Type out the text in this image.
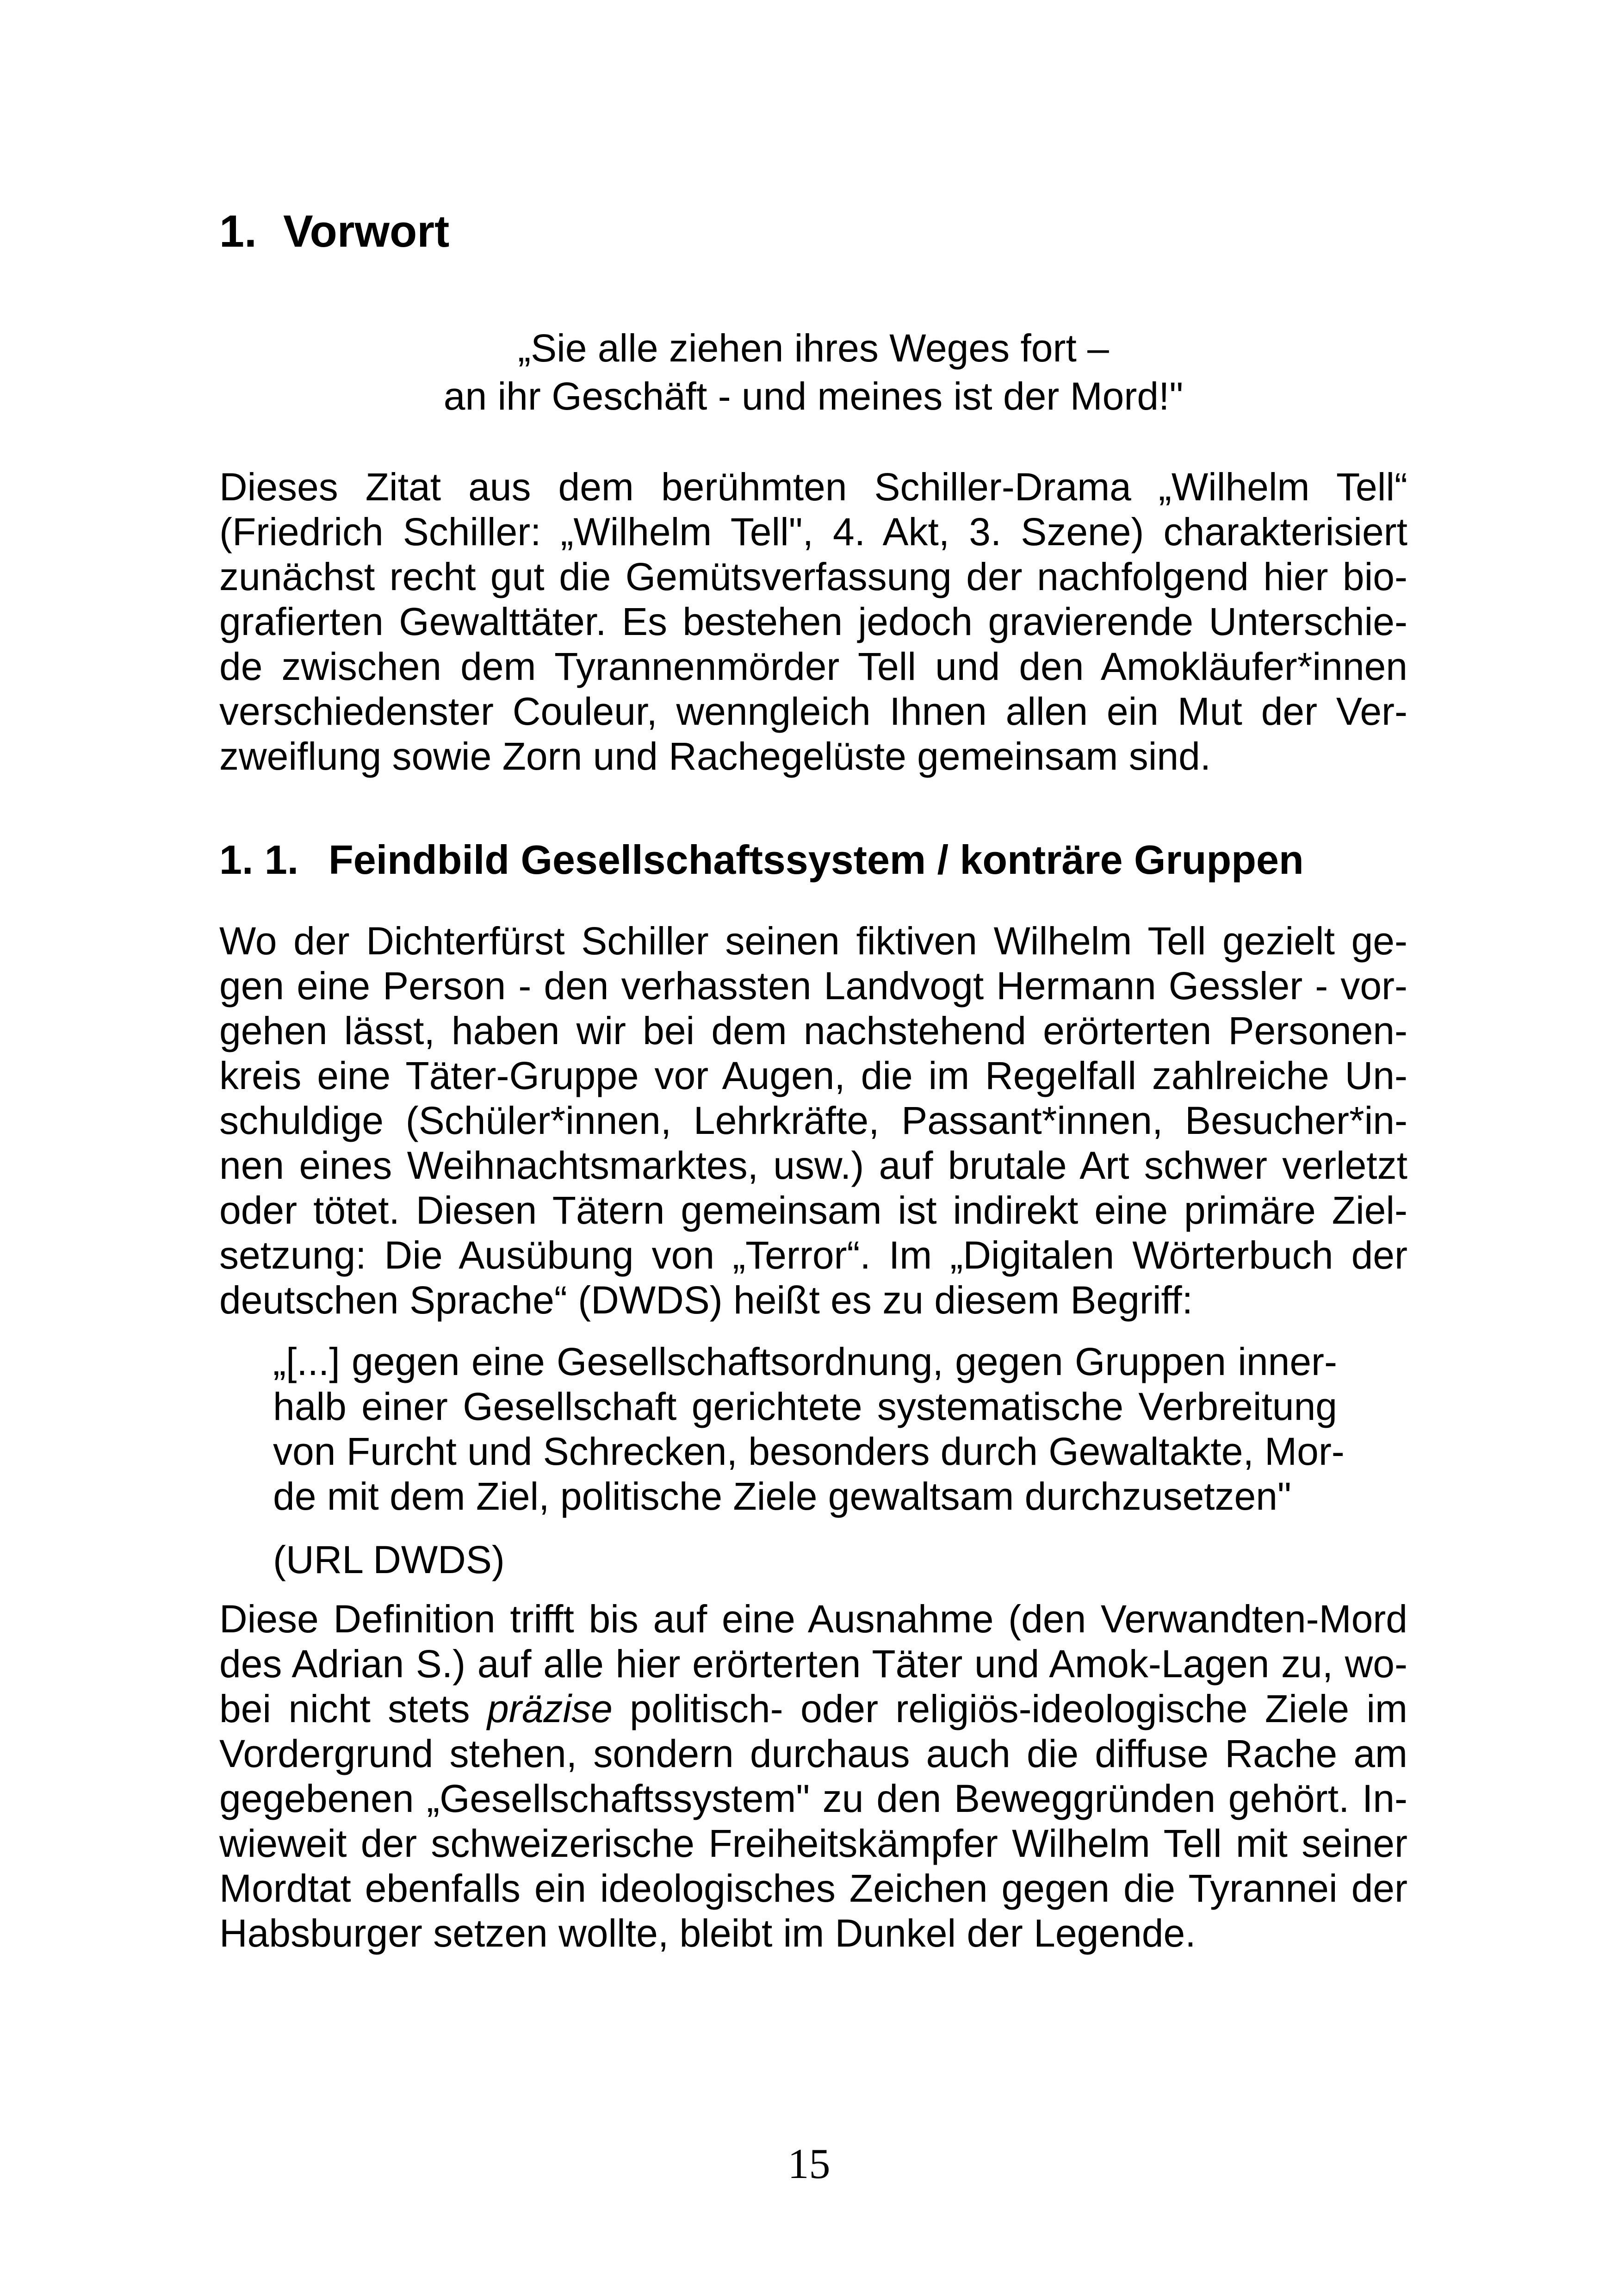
1. Vorwort
„Sie alle ziehen ihres Weges fort –
an ihr Geschäft - und meines ist der Mord!"
Dieses Zitat aus dem berühmten Schiller-Drama „Wilhelm Tell“
(Friedrich Schiller: „Wilhelm Tell", 4. Akt, 3. Szene) charakterisiert
zunächst recht gut die Gemütsverfassung der nachfolgend hier bio-
grafierten Gewalttäter. Es bestehen jedoch gravierende Unterschie-
de zwischen dem Tyrannenmörder Tell und den Amokläufer*innen
verschiedenster Couleur, wenngleich Ihnen allen ein Mut der Ver-
zweiflung sowie Zorn und Rachegelüste gemeinsam sind.
1. 1. Feindbild Gesellschaftssystem / konträre Gruppen
Wo der Dichterfürst Schiller seinen fiktiven Wilhelm Tell gezielt ge-
gen eine Person - den verhassten Landvogt Hermann Gessler - vor-
gehen lässt, haben wir bei dem nachstehend erörterten Personen-
kreis eine Täter-Gruppe vor Augen, die im Regelfall zahlreiche Un-
schuldige (Schüler*innen, Lehrkräfte, Passant*innen, Besucher*in-
nen eines Weihnachtsmarktes, usw.) auf brutale Art schwer verletzt
oder tötet. Diesen Tätern gemeinsam ist indirekt eine primäre Ziel-
setzung: Die Ausübung von „Terror“. Im „Digitalen Wörterbuch der
deutschen Sprache“ (DWDS) heißt es zu diesem Begriff:
„[...] gegen eine Gesellschaftsordnung, gegen Gruppen inner-
halb einer Gesellschaft gerichtete systematische Verbreitung
von Furcht und Schrecken, besonders durch Gewaltakte, Mor-
de mit dem Ziel, politische Ziele gewaltsam durchzusetzen"
(URL DWDS)
Diese Definition trifft bis auf eine Ausnahme (den Verwandten-Mord
des Adrian S.) auf alle hier erörterten Täter und Amok-Lagen zu, wo-
bei nicht stets präzise politisch- oder religiös-ideologische Ziele im
Vordergrund stehen, sondern durchaus auch die diffuse Rache am
gegebenen „Gesellschaftssystem" zu den Beweggründen gehört. In-
wieweit der schweizerische Freiheitskämpfer Wilhelm Tell mit seiner
Mordtat ebenfalls ein ideologisches Zeichen gegen die Tyrannei der
Habsburger setzen wollte, bleibt im Dunkel der Legende.
15
